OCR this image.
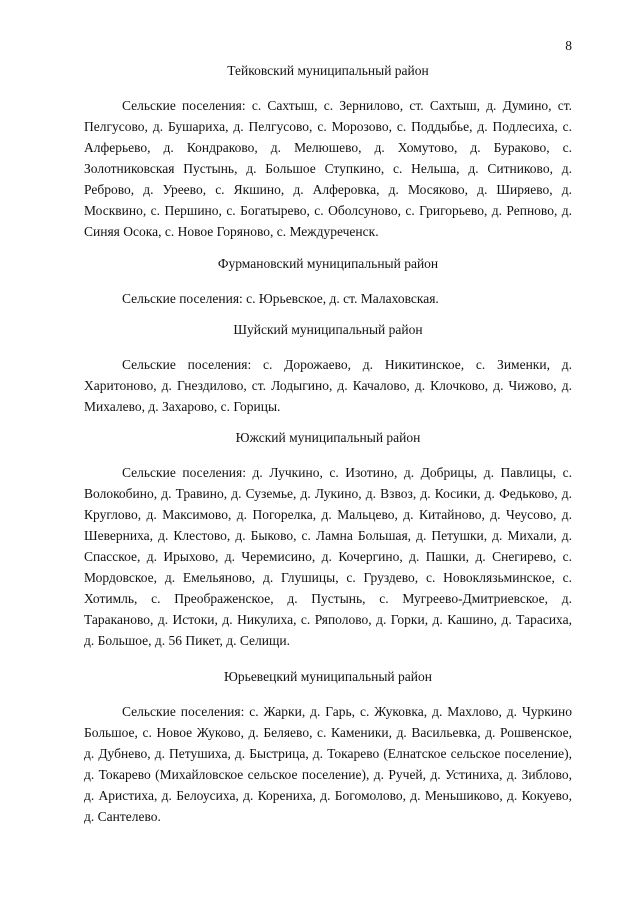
8
Тейковский муниципальный район

Сельские поселения: с. Сахтыш, с. Зернилово, ст. Сахтыш, д. Думино, ст. Пелгусово, д. Бушариха, д. Пелгусово, с. Морозово, с. Поддыбье, д. Подлесиха, с. Алферьево, д. Кондраково, д. Мелюшево, д. Хомутово, д. Бураково, с. Золотниковская Пустынь, д. Большое Ступкино, с. Нельша, д. Ситниково, д. Реброво, д. Уреево, с. Якшино, д. Алферовка, д. Мосяково, д. Ширяево, д. Москвино, с. Першино, с. Богатырево, с. Оболсуново, с. Григорьево, д. Репново, д. Синяя Осока, с. Новое Горяново, с. Междуреченск.

Фурмановский муниципальный район

Сельские поселения: с. Юрьевское, д. ст. Малаховская.

Шуйский муниципальный район

Сельские поселения: с. Дорожаево, д. Никитинское, с. Зименки, д. Харитоново, д. Гнездилово, ст. Лодыгино, д. Качалово, д. Клочково, д. Чижово, д. Михалево, д. Захарово, с. Горицы.

Южский муниципальный район

Сельские поселения: д. Лучкино, с. Изотино, д. Добрицы, д. Павлицы, с. Волокобино, д. Травино, д. Суземье, д. Лукино, д. Взвоз, д. Косики, д. Федьково, д. Круглово, д. Максимово, д. Погорелка, д. Мальцево, д. Китайново, д. Чеусово, д. Шеверниха, д. Клестово, д. Быково, с. Ламна Большая, д. Петушки, д. Михали, д. Спасское, д. Ирыхово, д. Черемисино, д. Кочергино, д. Пашки, д. Снегирево, с. Мордовское, д. Емельяново, д. Глушицы, с. Груздево, с. Новоклязьминское, с. Хотимль, с. Преображенское, д. Пустынь, с. Мугреево-Дмитриевское, д. Тараканово, д. Истоки, д. Никулиха, с. Ряполово, д. Горки, д. Кашино, д. Тарасиха, д. Большое, д. 56 Пикет, д. Селищи.

Юрьевецкий муниципальный район

Сельские поселения: с. Жарки, д. Гарь, с. Жуковка, д. Махлово, д. Чуркино Большое, с. Новое Жуково, д. Беляево, с. Каменики, д. Васильевка, д. Рошвенское, д. Дубнево, д. Петушиха, д. Быстрица, д. Токарево (Елнатское сельское поселение), д. Токарево (Михайловское сельское поселение), д. Ручей, д. Устиниха, д. Зиблово, д. Аристиха, д. Белоусиха, д. Корениха, д. Богомолово, д. Меньшиково, д. Кокуево, д. Сантелево.
